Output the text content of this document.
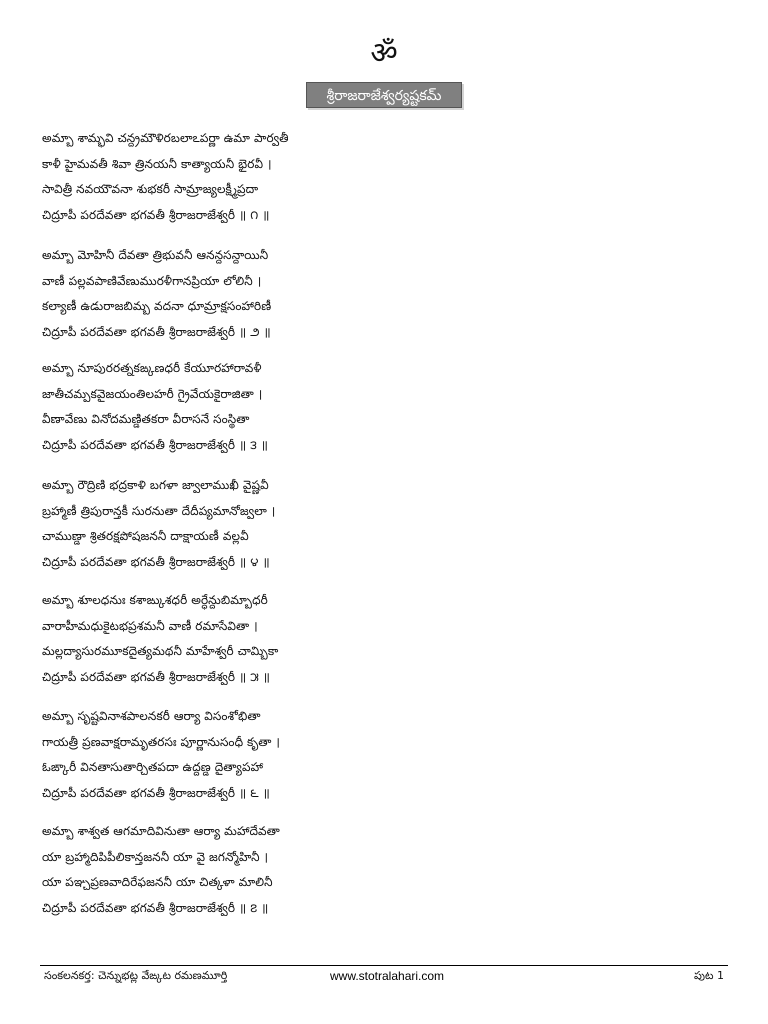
ॐ
శ్రీరాజరాజేశ్వర్యష్టకమ్
అమ్బా శామ్భవి చన్ద్రమౌళిరబలాఽపర్ణా ఉమా పార్వతీ
కాళీ హైమవతీ శివా త్రినయనీ కాత్యాయనీ భైరవీ ।
సావిత్రీ నవయౌవనా శుభకరీ సామ్రాజ్యలక్ష్మీప్రదా
చిద్రూపీ పరదేవతా భగవతీ శ్రీరాజరాజేశ్వరీ ॥ ౧ ॥
అమ్బా మోహినీ దేవతా త్రిభువనీ ఆనన్దసన్దాయినీ
వాణీ పల్లవపాణివేణుమురళీగానప్రియా లోలినీ ।
కల్యాణీ ఉడురాజబిమ్బ వదనా ధూమ్రాక్షసంహారిణీ
చిద్రూపీ పరదేవతా భగవతీ శ్రీరాజరాజేశ్వరీ ॥ ౨ ॥
అమ్బా నూపురరత్నకఙ్కణధరీ కేయూరహారావళీ
జాతీచమ్పకవైజయంతిలహరీ గ్రైవేయకైరాజితా ।
వీణావేణు వినోదమణ్డితకరా వీరాసనే సంస్థితా
చిద్రూపీ పరదేవతా భగవతీ శ్రీరాజరాజేశ్వరీ ॥ ౩ ॥
అమ్బా రౌద్రిణి భద్రకాళి బగళా జ్వాలాముఖీ వైష్ణవీ
బ్రహ్మాణీ త్రిపురాన్తకీ సురనుతా దేదీప్యమానోజ్వలా ।
చాముణ్డా శ్రితరక్షపోషజననీ దాక్షాయణీ వల్లవీ
చిద్రూపీ పరదేవతా భగవతీ శ్రీరాజరాజేశ్వరీ ॥ ౪ ॥
అమ్బా శూలధనుః కశాఙ్కుశధరీ అర్ధేన్దుబిమ్బాధరీ
వారాహీమధుకైటభప్రశమనీ వాణీ రమాసేవితా ।
మల్లద్యాసురమూకదైత్యమథనీ మాహేశ్వరీ చామ్బికా
చిద్రూపీ పరదేవతా భగవతీ శ్రీరాజరాజేశ్వరీ ॥ ౫ ॥
అమ్బా సృష్టవినాశపాలనకరీ ఆర్యా విసంశోభితా
గాయత్రీ ప్రణవాక్షరామృతరసః పూర్ణానుసంధీ కృతా ।
ఓఙ్కారీ వినతాసుతార్చితపదా ఉద్దణ్డ దైత్యాపహా
చిద్రూపీ పరదేవతా భగవతీ శ్రీరాజరాజేశ్వరీ ॥ ౬ ॥
అమ్బా శాశ్వత ఆగమాదివినుతా ఆర్యా మహాదేవతా
యా బ్రహ్మాదిపిపీలికాన్తజననీ యా వై జగన్మోహినీ ।
యా పఞ్చప్రణవాదిరేఫజననీ యా చిత్కళా మాలినీ
చిద్రూపీ పరదేవతా భగవతీ శ్రీరాజరాజేశ్వరీ ॥ ౭ ॥
సంకలనకర్త: చెన్నుభట్ల వేఙ్కట రమణమూర్తి	www.stotralahari.com	పుట 1
